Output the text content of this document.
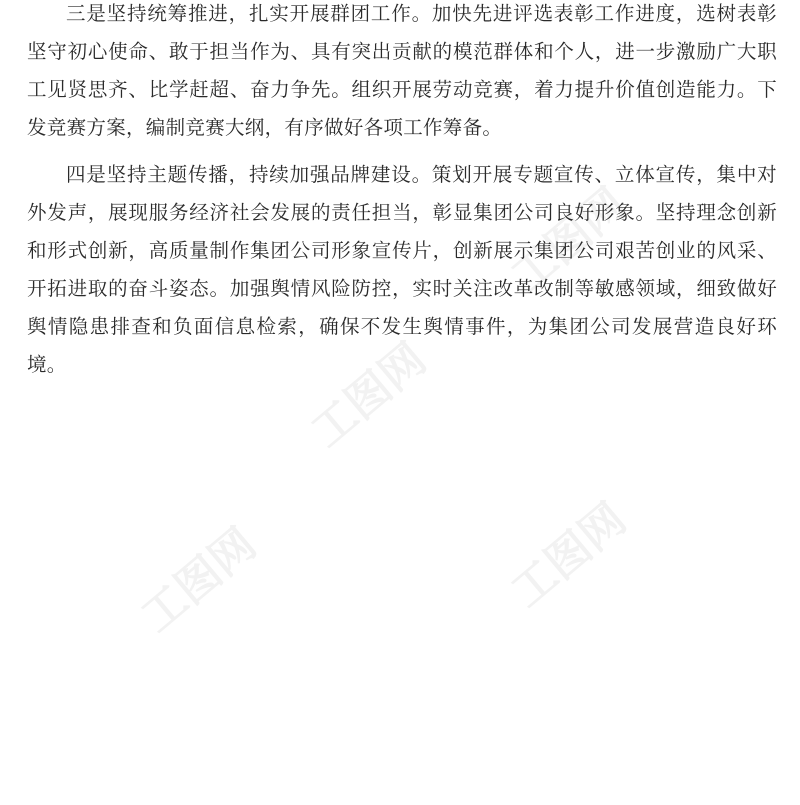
工图网
工图网
工图网	工图网

三是坚持统筹推进，扎实开展群团工作。加快先进评选表彰工作进度，选树表彰坚守初心使命、敢于担当作为、具有突出贡献的模范群体和个人，进一步激励广大职工见贤思齐、比学赶超、奋力争先。组织开展劳动竞赛，着力提升价值创造能力。下发竞赛方案，编制竞赛大纲，有序做好各项工作筹备。

四是坚持主题传播，持续加强品牌建设。策划开展专题宣传、立体宣传，集中对外发声，展现服务经济社会发展的责任担当，彰显集团公司良好形象。坚持理念创新和形式创新，高质量制作集团公司形象宣传片，创新展示集团公司艰苦创业的风采、开拓进取的奋斗姿态。加强舆情风险防控，实时关注改革改制等敏感领域，细致做好舆情隐患排查和负面信息检索，确保不发生舆情事件，为集团公司发展营造良好环境。
